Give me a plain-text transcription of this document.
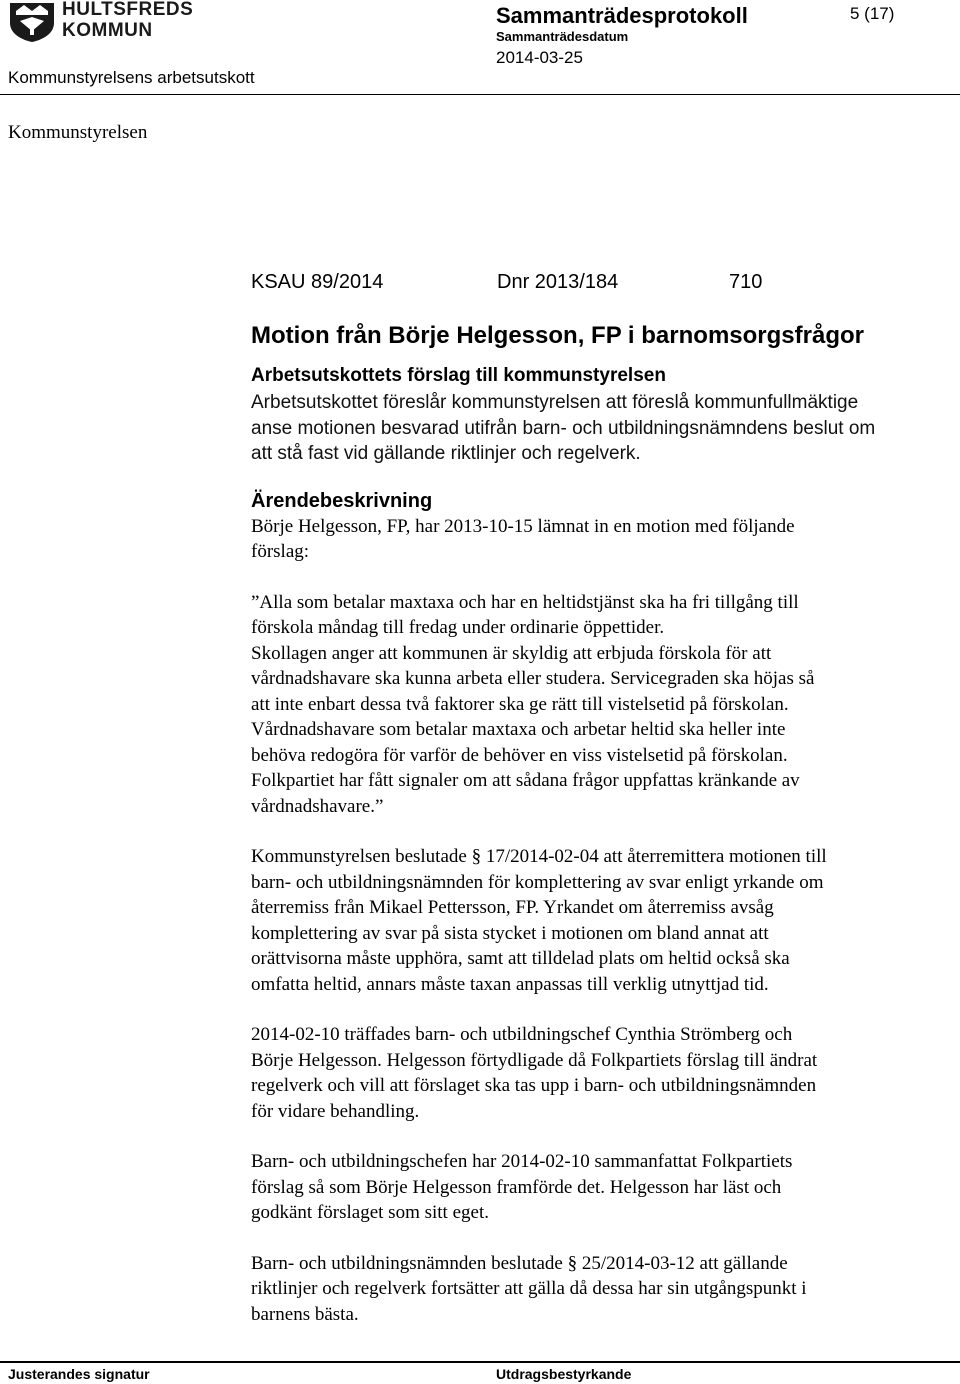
HULTSFREDS
KOMMUN
Sammanträdesprotokoll
Sammanträdesdatum
2014-03-25
5 (17)
Kommunstyrelsens arbetsutskott
Kommunstyrelsen
KSAU 89/2014	Dnr 2013/184	710
Motion från Börje Helgesson, FP i barnomsorgsfrågor
Arbetsutskottets förslag till kommunstyrelsen

Arbetsutskottet föreslår kommunstyrelsen att föreslå kommunfullmäktige

anse motionen besvarad utifrån barn- och utbildningsnämndens beslut om

att stå fast vid gällande riktlinjer och regelverk.

Ärendebeskrivning

Börje Helgesson, FP, har 2013-10-15 lämnat in en motion med följande

förslag:

”Alla som betalar maxtaxa och har en heltidstjänst ska ha fri tillgång till

förskola måndag till fredag under ordinarie öppettider.

Skollagen anger att kommunen är skyldig att erbjuda förskola för att

vårdnadshavare ska kunna arbeta eller studera. Servicegraden ska höjas så

att inte enbart dessa två faktorer ska ge rätt till vistelsetid på förskolan.

Vårdnadshavare som betalar maxtaxa och arbetar heltid ska heller inte

behöva redogöra för varför de behöver en viss vistelsetid på förskolan.

Folkpartiet har fått signaler om att sådana frågor uppfattas kränkande av

vårdnadshavare.”

Kommunstyrelsen beslutade § 17/2014-02-04 att återremittera motionen till

barn- och utbildningsnämnden för komplettering av svar enligt yrkande om

återremiss från Mikael Pettersson, FP. Yrkandet om återremiss avsåg

komplettering av svar på sista stycket i motionen om bland annat att

orättvisorna måste upphöra, samt att tilldelad plats om heltid också ska

omfatta heltid, annars måste taxan anpassas till verklig utnyttjad tid.

2014-02-10 träffades barn- och utbildningschef Cynthia Strömberg och

Börje Helgesson. Helgesson förtydligade då Folkpartiets förslag till ändrat

regelverk och vill att förslaget ska tas upp i barn- och utbildningsnämnden

för vidare behandling.

Barn- och utbildningschefen har 2014-02-10 sammanfattat Folkpartiets

förslag så som Börje Helgesson framförde det. Helgesson har läst och

godkänt förslaget som sitt eget.

Barn- och utbildningsnämnden beslutade § 25/2014-03-12 att gällande

riktlinjer och regelverk fortsätter att gälla då dessa har sin utgångspunkt i

barnens bästa.

Justerandes signatur	Utdragsbestyrkande
